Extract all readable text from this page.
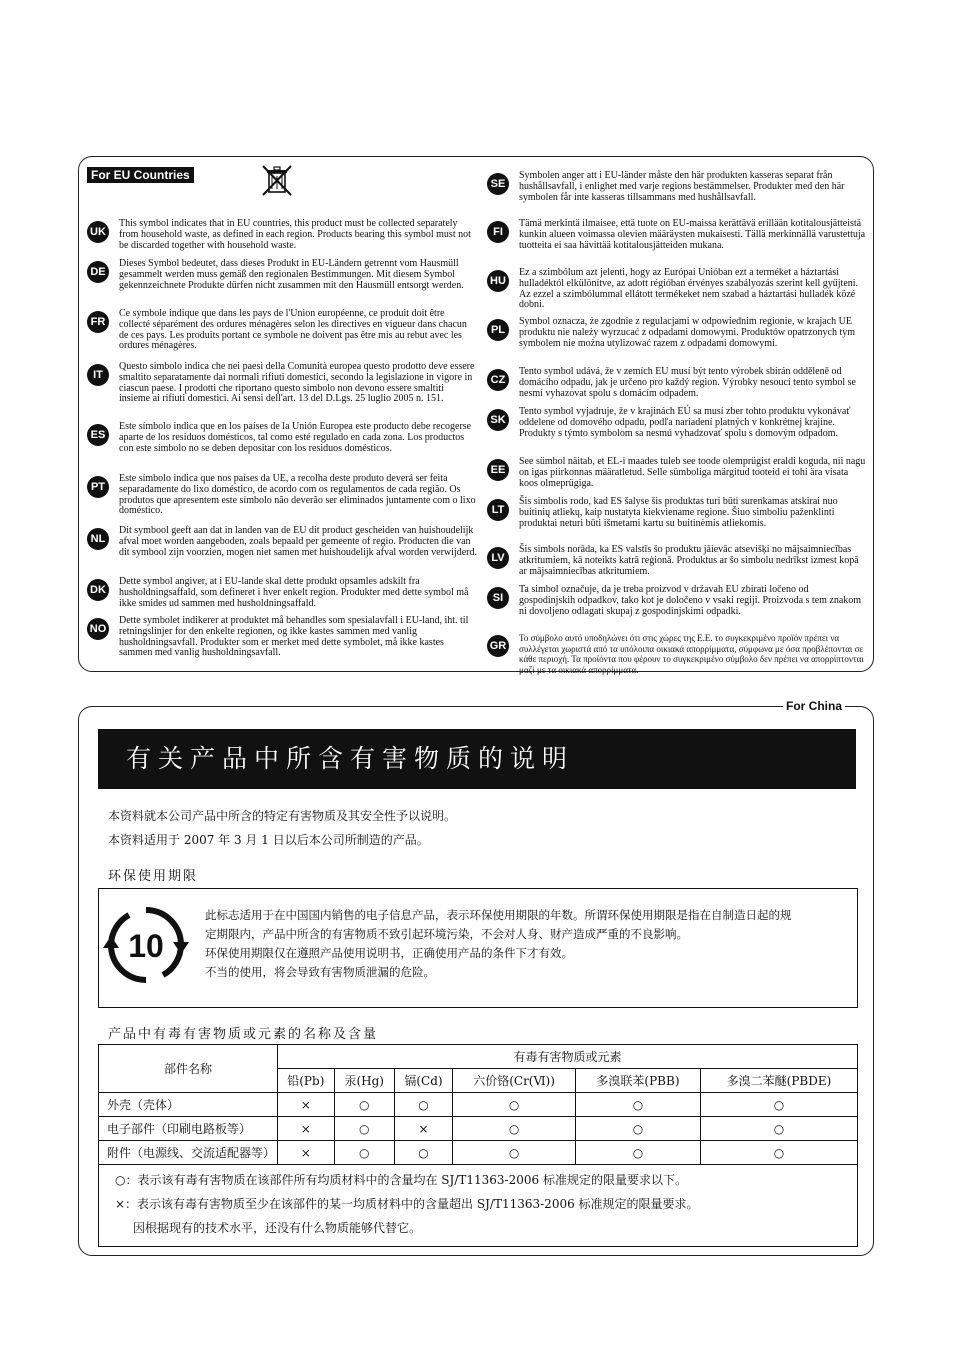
For EU Countries
UK
This symbol indicates that in EU countries, this product must be collected separately from household waste, as defined in each region. Products bearing this symbol must not be discarded together with household waste.
DE
Dieses Symbol bedeutet, dass dieses Produkt in EU-Ländern getrennt vom Hausmüll gesammelt werden muss gemäß den regionalen Bestimmungen. Mit diesem Symbol gekennzeichnete Produkte dürfen nicht zusammen mit den Hausmüll entsorgt werden.
FR
Ce symbole indique que dans les pays de l'Union européenne, ce produit doit être collecté séparément des ordures ménagères selon les directives en vigueur dans chacun de ces pays. Les produits portant ce symbole ne doivent pas être mis au rebut avec les ordures ménagères.
IT
Questo simbolo indica che nei paesi della Comunità europea questo prodotto deve essere smaltito separatamente dai normali rifiuti domestici, secondo la legislazione in vigore in ciascun paese. I prodotti che riportano questo simbolo non devono essere smaltiti insieme ai rifiuti domestici. Ai sensi dell'art. 13 del D.Lgs. 25 luglio 2005 n. 151.
ES
Este símbolo indica que en los países de la Unión Europea este producto debe recogerse aparte de los residuos domésticos, tal como esté regulado en cada zona. Los productos con este símbolo no se deben depositar con los residuos domésticos.
PT
Este símbolo indica que nos países da UE, a recolha deste produto deverá ser feita separadamente do lixo doméstico, de acordo com os regulamentos de cada região. Os produtos que apresentem este símbolo não deverão ser eliminados juntamente com o lixo doméstico.
NL
Dit symbool geeft aan dat in landen van de EU dit product gescheiden van huishoudelijk afval moet worden aangeboden, zoals bepaald per gemeente of regio. Producten die van dit symbool zijn voorzien, mogen niet samen met huishoudelijk afval worden verwijderd.
DK
Dette symbol angiver, at i EU-lande skal dette produkt opsamles adskilt fra husholdningsaffald, som defineret i hver enkelt region. Produkter med dette symbol må ikke smides ud sammen med husholdningsaffald.
NO
Dette symbolet indikerer at produktet må behandles som spesialavfall i EU-land, iht. til retningslinjer for den enkelte regionen, og ikke kastes sammen med vanlig husholdningsavfall. Produkter som er merket med dette symbolet, må ikke kastes sammen med vanlig husholdningsavfall.
SE
Symbolen anger att i EU-länder måste den här produkten kasseras separat från hushållsavfall, i enlighet med varje regions bestämmelser. Produkter med den här symbolen får inte kasseras tillsammans med hushållsavfall.
FI
Tämä merkintä ilmaisee, että tuote on EU-maissa kerättävä erillään kotitalousjätteistä kunkin alueen voimassa olevien määräysten mukaisesti. Tällä merkinnällä varustettuja tuotteita ei saa hävittää kotitalousjätteiden mukana.
HU
Ez a szimbólum azt jelenti, hogy az Európai Unióban ezt a terméket a háztartási hulladéktól elkülönítve, az adott régióban érvényes szabályozás szerint kell gyűjteni. Az ezzel a szimbólummal ellátott termékeket nem szabad a háztartási hulladék közé dobni.
PL
Symbol oznacza, że zgodnie z regulacjami w odpowiednim regionie, w krajach UE produktu nie należy wyrzucać z odpadami domowymi. Produktów opatrzonych tym symbolem nie można utylizować razem z odpadami domowymi.
CZ
Tento symbol udává, že v zemích EU musí být tento výrobek sbírán odděleně od domácího odpadu, jak je určeno pro každý region. Výrobky nesoucí tento symbol se nesmí vyhazovat spolu s domácím odpadem.
SK
Tento symbol vyjadruje, že v krajinách EÚ sa musí zber tohto produktu vykonávať oddelene od domového odpadu, podľa nariadení platných v konkrétnej krajine. Produkty s týmto symbolom sa nesmú vyhadzovať spolu s domovým odpadom.
EE
See sümbol näitab, et EL-i maades tuleb see toode olemprügist eraldi koguda, nii nagu on igas piirkonnas määratletud. Selle sümboliga märgitud tooteid ei tohi ära visata koos olmeprügiga.
LT
Šis simbolis rodo, kad ES šalyse šis produktas turi būti surenkamas atskirai nuo buitinių atliekų, kaip nustatyta kiekviename regione. Šiuo simboliu paženklinti produktai neturi būti išmetami kartu su buitinėmis atliekomis.
LV
Šis simbols norāda, ka ES valstīs šo produktu jāievāc atsevišķi no mājsaimniecības atkritumiem, kā noteikts katrā reģionā. Produktus ar šo simbolu nedrīkst izmest kopā ar mājsaimniecības atkritumiem.
SI
Ta simbol označuje, da je treba proizvod v državah EU zbirati ločeno od gospodinjskih odpadkov, tako kot je določeno v vsaki regiji. Proizvoda s tem znakom ni dovoljeno odlagati skupaj z gospodinjskimi odpadki.
GR
Το σύμβολο αυτό υποδηλώνει ότι στις χώρες της Ε.Ε. το συγκεκριμένο προϊόν πρέπει να συλλέγεται χωριστά από τα υπόλοιπα οικιακά απορρίμματα, σύμφωνα με όσα προβλέπονται σε κάθε περιοχή. Τα προϊόντα που φέρουν το συγκεκριμένο σύμβολο δεν πρέπει να απορρίπτονται μαζί με τα οικιακά απορρίμματα.
For China
有关产品中所含有害物质的说明
本资料就本公司产品中所含的特定有害物质及其安全性予以说明。
本资料适用于 2007 年 3 月 1 日以后本公司所制造的产品。
环保使用期限
10
此标志适用于在中国国内销售的电子信息产品，表示环保使用期限的年数。所谓环保使用期限是指在自制造日起的规
定期限内，产品中所含的有害物质不致引起环境污染，不会对人身、财产造成严重的不良影响。
环保使用期限仅在遵照产品使用说明书，正确使用产品的条件下才有效。
不当的使用，将会导致有害物质泄漏的危险。
产品中有毒有害物质或元素的名称及含量
部件名称	有毒有害物质或元素					
	铅(Pb)	汞(Hg)	镉(Cd)	六价铬(Cr(Ⅵ))	多溴联苯(PBB)	多溴二苯醚(PBDE)
外壳（壳体）	×	○	○	○	○	○
电子部件（印刷电路板等）	×	○	×	○	○	○
附件（电源线、交流适配器等）	×	○	○	○	○	○

○：表示该有毒有害物质在该部件所有均质材料中的含量均在 SJ/T11363-2006 标准规定的限量要求以下。
×：表示该有毒有害物质至少在该部件的某一均质材料中的含量超出 SJ/T11363-2006 标准规定的限量要求。
因根据现有的技术水平，还没有什么物质能够代替它。						
